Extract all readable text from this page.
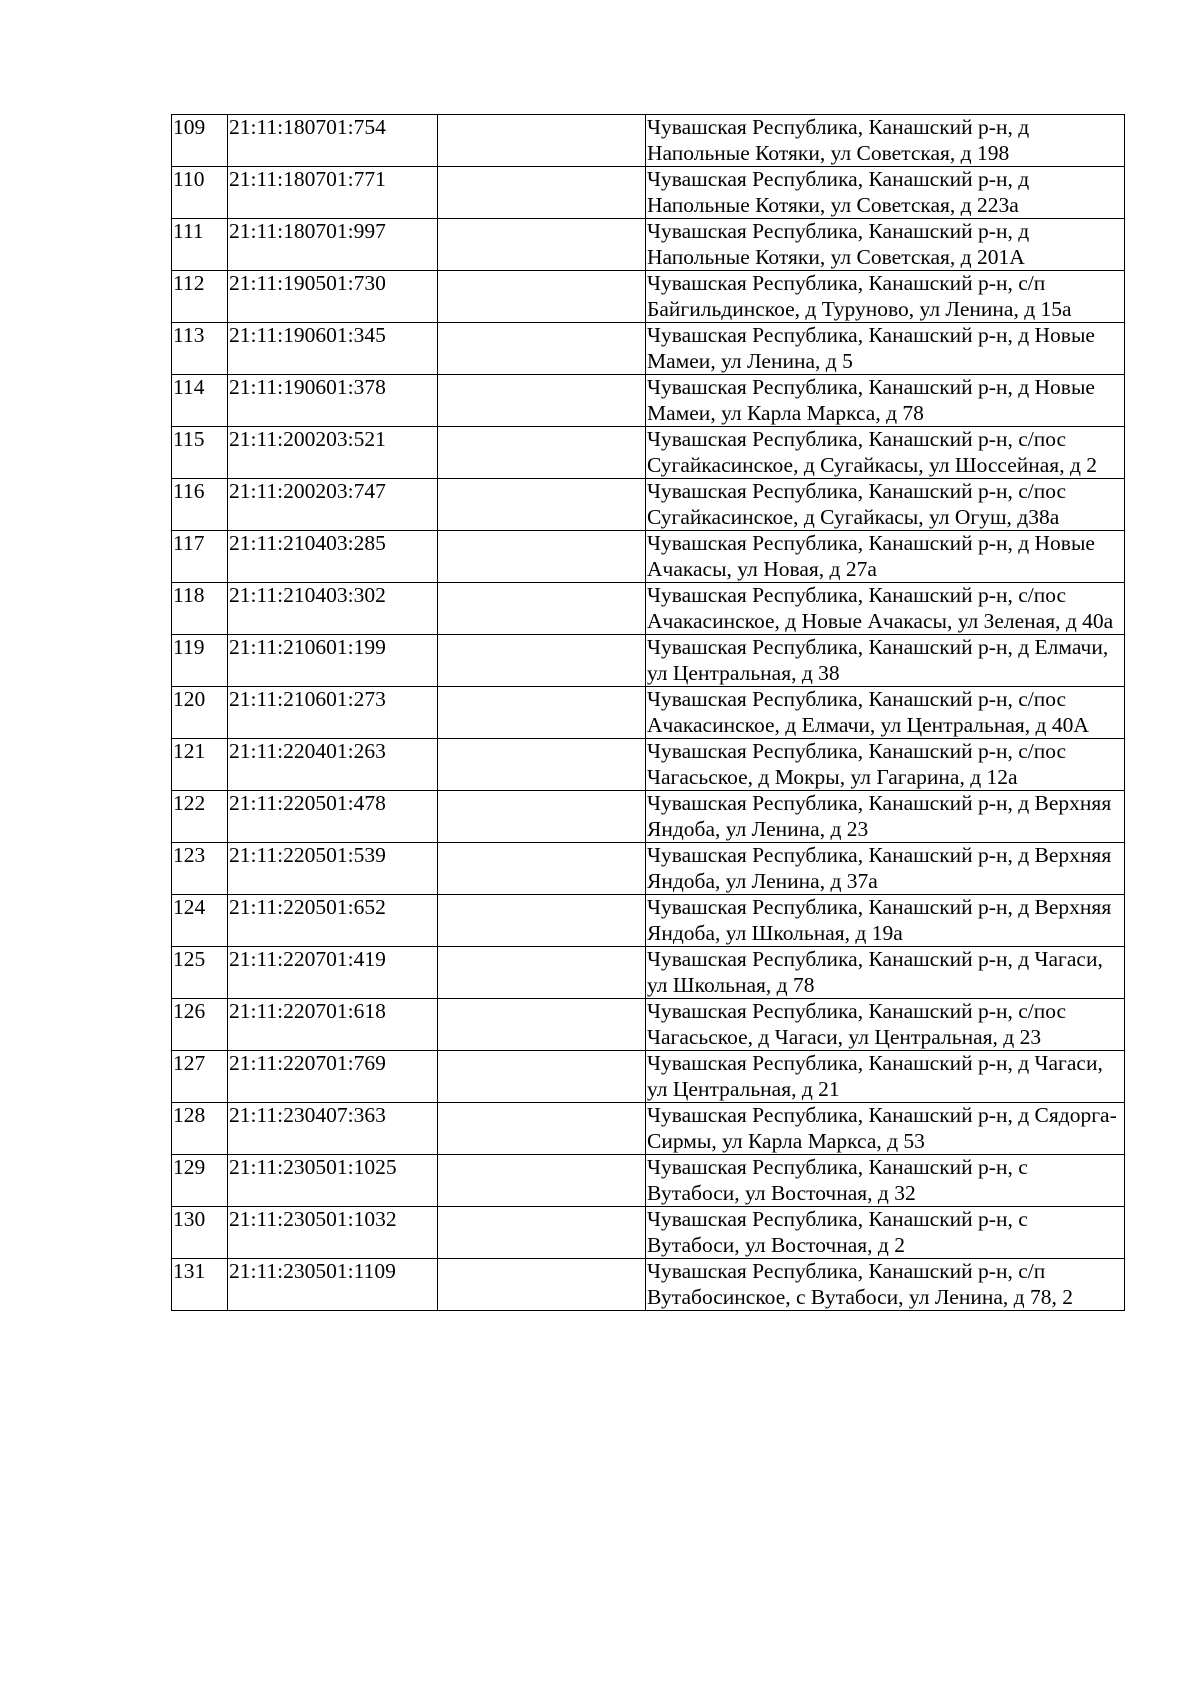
109	21:11:180701:754		Чувашская Республика, Канашский р-н, д Напольные Котяки, ул Советская, д 198
110	21:11:180701:771		Чувашская Республика, Канашский р-н, д Напольные Котяки, ул Советская, д 223а
111	21:11:180701:997		Чувашская Республика, Канашский р-н, д Напольные Котяки, ул Советская, д 201А
112	21:11:190501:730		Чувашская Республика, Канашский р-н, с/п Байгильдинское, д Туруново, ул Ленина, д 15а
113	21:11:190601:345		Чувашская Республика, Канашский р-н, д Новые Мамеи, ул Ленина, д 5
114	21:11:190601:378		Чувашская Республика, Канашский р-н, д Новые Мамеи, ул Карла Маркса, д 78
115	21:11:200203:521		Чувашская Республика, Канашский р-н, с/пос Сугайкасинское, д Сугайкасы, ул Шоссейная, д 2
116	21:11:200203:747		Чувашская Республика, Канашский р-н, с/пос Сугайкасинское, д Сугайкасы, ул Огуш, д38а
117	21:11:210403:285		Чувашская Республика, Канашский р-н, д Новые Ачакасы, ул Новая, д 27а
118	21:11:210403:302		Чувашская Республика, Канашский р-н, с/пос Ачакасинское, д Новые Ачакасы, ул Зеленая, д 40а
119	21:11:210601:199		Чувашская Республика, Канашский р-н, д Елмачи, ул Центральная, д 38
120	21:11:210601:273		Чувашская Республика, Канашский р-н, с/пос Ачакасинское, д Елмачи, ул Центральная, д 40А
121	21:11:220401:263		Чувашская Республика, Канашский р-н, с/пос Чагасьское, д Мокры, ул Гагарина, д 12а
122	21:11:220501:478		Чувашская Республика, Канашский р-н, д Верхняя Яндоба, ул Ленина, д 23
123	21:11:220501:539		Чувашская Республика, Канашский р-н, д Верхняя Яндоба, ул Ленина, д 37а
124	21:11:220501:652		Чувашская Республика, Канашский р-н, д Верхняя Яндоба, ул Школьная, д 19а
125	21:11:220701:419		Чувашская Республика, Канашский р-н, д Чагаси, ул Школьная, д 78
126	21:11:220701:618		Чувашская Республика, Канашский р-н, с/пос Чагасьское, д Чагаси, ул Центральная, д 23
127	21:11:220701:769		Чувашская Республика, Канашский р-н, д Чагаси, ул Центральная, д 21
128	21:11:230407:363		Чувашская Республика, Канашский р-н, д Сядорга-Сирмы, ул Карла Маркса, д 53
129	21:11:230501:1025		Чувашская Республика, Канашский р-н, с Вутабоси, ул Восточная, д 32
130	21:11:230501:1032		Чувашская Республика, Канашский р-н, с Вутабоси, ул Восточная, д 2
131	21:11:230501:1109		Чувашская Республика, Канашский р-н, с/п Вутабосинское, с Вутабоси, ул Ленина, д 78, 2
